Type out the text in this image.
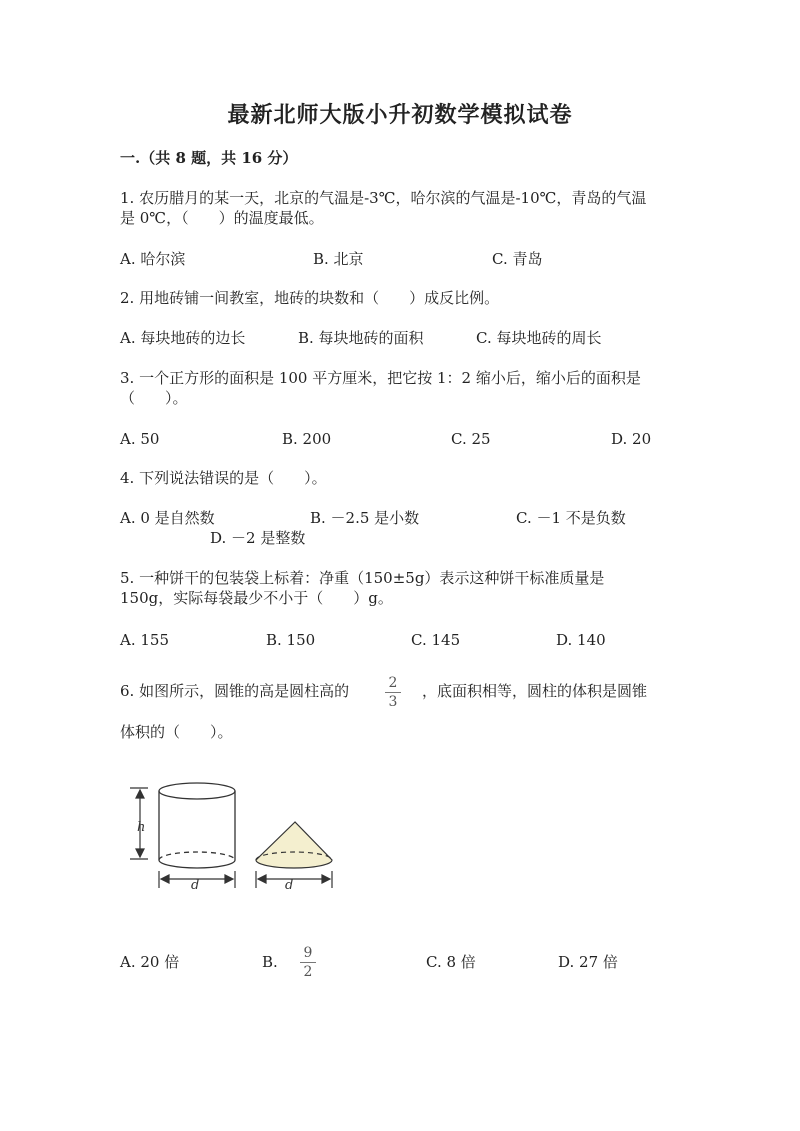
最新北师大版小升初数学模拟试卷
一.（共 8 题，共 16 分）
1. 农历腊月的某一天，北京的气温是-3℃，哈尔滨的气温是-10℃，青岛的气温
是 0℃，（　　）的温度最低。
A. 哈尔滨	B. 北京	C. 青岛
2. 用地砖铺一间教室，地砖的块数和（　　）成反比例。
A. 每块地砖的边长	B. 每块地砖的面积	C. 每块地砖的周长
3. 一个正方形的面积是 100 平方厘米，把它按 1：2 缩小后，缩小后的面积是
（　　）。
A. 50	B. 200	C. 25	D. 20
4. 下列说法错误的是（　　）。
A. 0 是自然数	B. －2.5 是小数	C. －1 不是负数
D. －2 是整数
5. 一种饼干的包装袋上标着：净重（150±5g）表示这种饼干标准质量是
150g，实际每袋最少不小于（　　）g。
A. 155	B. 150	C. 145	D. 140
6. 如图所示，圆锥的高是圆柱高的	2
3
，底面积相等，圆柱的体积是圆锥
体积的（　　）。
h
d	d
A. 20 倍	B. 9
2
C. 8 倍	D. 27 倍
